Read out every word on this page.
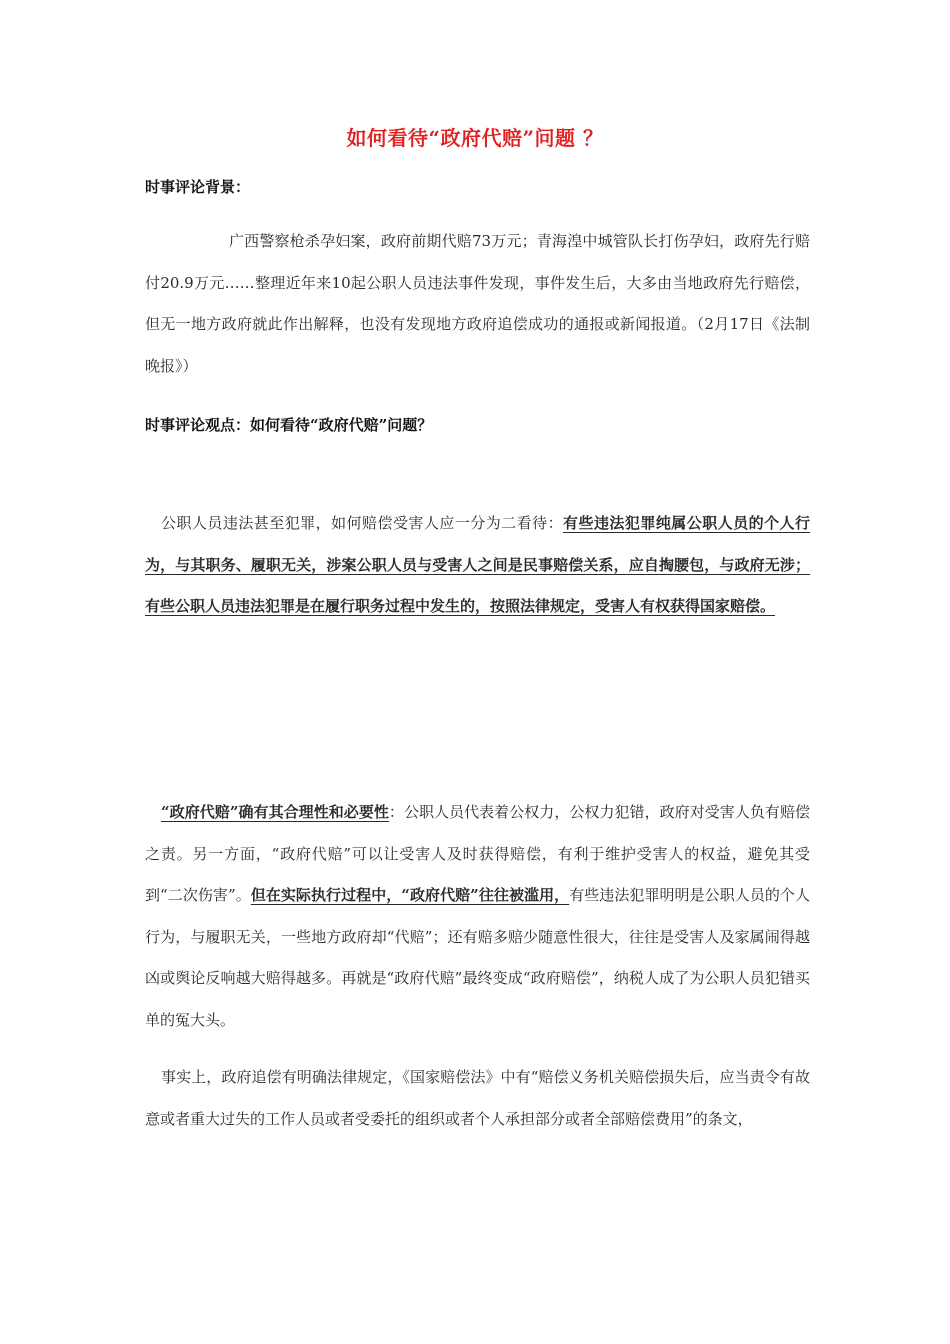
如何看待“政府代赔”问题 ？
时事评论背景：

广西警察枪杀孕妇案，政府前期代赔73万元；青海湟中城管队长打伤孕妇，政府先行赔付20.9万元……整理近年来10起公职人员违法事件发现，事件发生后，大多由当地政府先行赔偿，但无一地方政府就此作出解释，也没有发现地方政府追偿成功的通报或新闻报道。（2月17日《法制晚报》）

时事评论观点：如何看待“政府代赔”问题？

公职人员违法甚至犯罪，如何赔偿受害人应一分为二看待：有些违法犯罪纯属公职人员的个人行为，与其职务、履职无关，涉案公职人员与受害人之间是民事赔偿关系，应自掏腰包，与政府无涉；有些公职人员违法犯罪是在履行职务过程中发生的，按照法律规定，受害人有权获得国家赔偿。

“政府代赔”确有其合理性和必要性：公职人员代表着公权力，公权力犯错，政府对受害人负有赔偿之责。另一方面，“政府代赔”可以让受害人及时获得赔偿，有利于维护受害人的权益，避免其受到“二次伤害”。但在实际执行过程中，“政府代赔”往往被滥用，有些违法犯罪明明是公职人员的个人行为，与履职无关，一些地方政府却“代赔”；还有赔多赔少随意性很大，往往是受害人及家属闹得越凶或舆论反响越大赔得越多。再就是“政府代赔”最终变成“政府赔偿”，纳税人成了为公职人员犯错买单的冤大头。

事实上，政府追偿有明确法律规定，《国家赔偿法》中有“赔偿义务机关赔偿损失后，应当责令有故意或者重大过失的工作人员或者受委托的组织或者个人承担部分或者全部赔偿费用”的条文，
